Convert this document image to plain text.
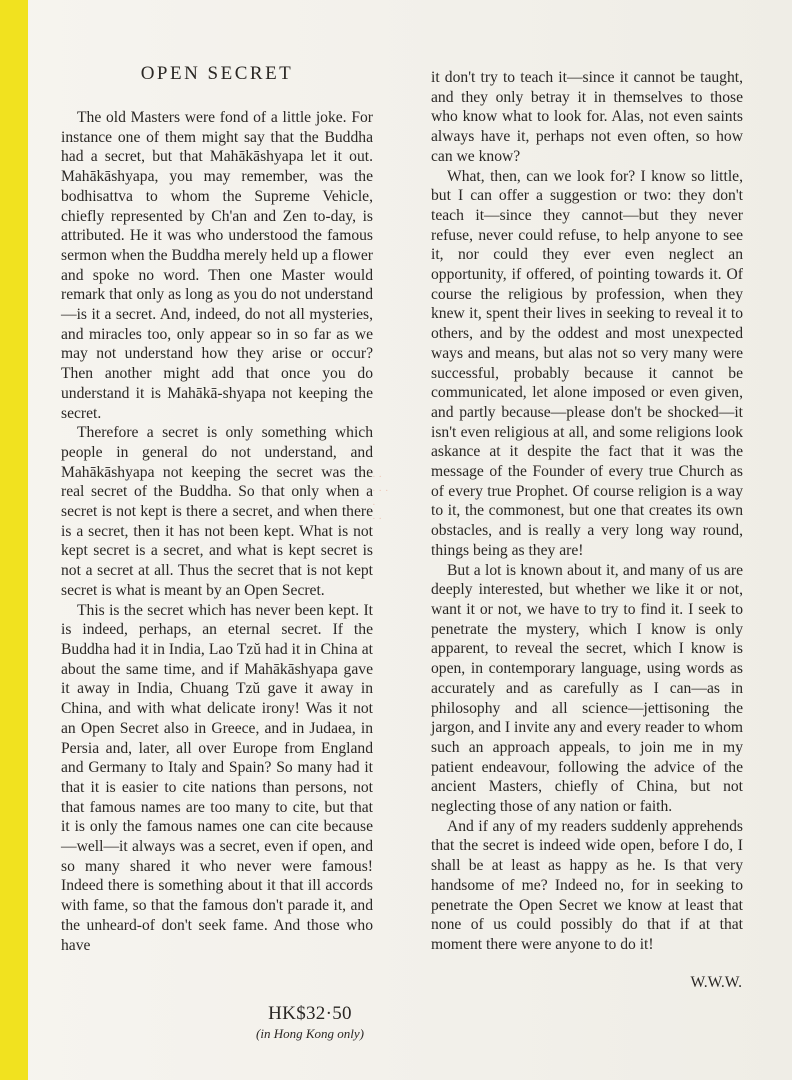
OPEN SECRET

The old Masters were fond of a little joke. For instance one of them might say that the Buddha had a secret, but that Mahākāshyapa let it out. Mahākāshyapa, you may remember, was the bodhisattva to whom the Supreme Vehicle, chiefly represented by Ch'an and Zen to-day, is attributed. He it was who understood the famous sermon when the Buddha merely held up a flower and spoke no word. Then one Master would remark that only as long as you do not understand—is it a secret. And, indeed, do not all mysteries, and miracles too, only appear so in so far as we may not understand how they arise or occur? Then another might add that once you do understand it is Mahākā-shyapa not keeping the secret.

Therefore a secret is only something which people in general do not understand, and Mahākāshyapa not keeping the secret was the real secret of the Buddha. So that only when a secret is not kept is there a secret, and when there is a secret, then it has not been kept. What is not kept secret is a secret, and what is kept secret is not a secret at all. Thus the secret that is not kept secret is what is meant by an Open Secret.

This is the secret which has never been kept. It is indeed, perhaps, an eternal secret. If the Buddha had it in India, Lao Tzŭ had it in China at about the same time, and if Mahākāshyapa gave it away in India, Chuang Tzŭ gave it away in China, and with what delicate irony! Was it not an Open Secret also in Greece, and in Judaea, in Persia and, later, all over Europe from England and Germany to Italy and Spain? So many had it that it is easier to cite nations than persons, not that famous names are too many to cite, but that it is only the famous names one can cite because—well—it always was a secret, even if open, and so many shared it who never were famous! Indeed there is something about it that ill accords with fame, so that the famous don't parade it, and the unheard-of don't seek fame. And those who have

it don't try to teach it—since it cannot be taught, and they only betray it in themselves to those who know what to look for. Alas, not even saints always have it, perhaps not even often, so how can we know?

What, then, can we look for? I know so little, but I can offer a suggestion or two: they don't teach it—since they cannot—but they never refuse, never could refuse, to help anyone to see it, nor could they ever even neglect an opportunity, if offered, of pointing towards it. Of course the religious by profession, when they knew it, spent their lives in seeking to reveal it to others, and by the oddest and most unexpected ways and means, but alas not so very many were successful, probably because it cannot be communicated, let alone imposed or even given, and partly because—please don't be shocked—it isn't even religious at all, and some religions look askance at it despite the fact that it was the message of the Founder of every true Church as of every true Prophet. Of course religion is a way to it, the commonest, but one that creates its own obstacles, and is really a very long way round, things being as they are!

But a lot is known about it, and many of us are deeply interested, but whether we like it or not, want it or not, we have to try to find it. I seek to penetrate the mystery, which I know is only apparent, to reveal the secret, which I know is open, in contemporary language, using words as accurately and as carefully as I can—as in philosophy and all science—jettisoning the jargon, and I invite any and every reader to whom such an approach appeals, to join me in my patient endeavour, following the advice of the ancient Masters, chiefly of China, but not neglecting those of any nation or faith.

And if any of my readers suddenly apprehends that the secret is indeed wide open, before I do, I shall be at least as happy as he. Is that very handsome of me? Indeed no, for in seeking to penetrate the Open Secret we know at least that none of us could possibly do that if at that moment there were anyone to do it!

W.W.W.

· ·
· · ·
·
· ·
HK$32·50
(in Hong Kong only)
